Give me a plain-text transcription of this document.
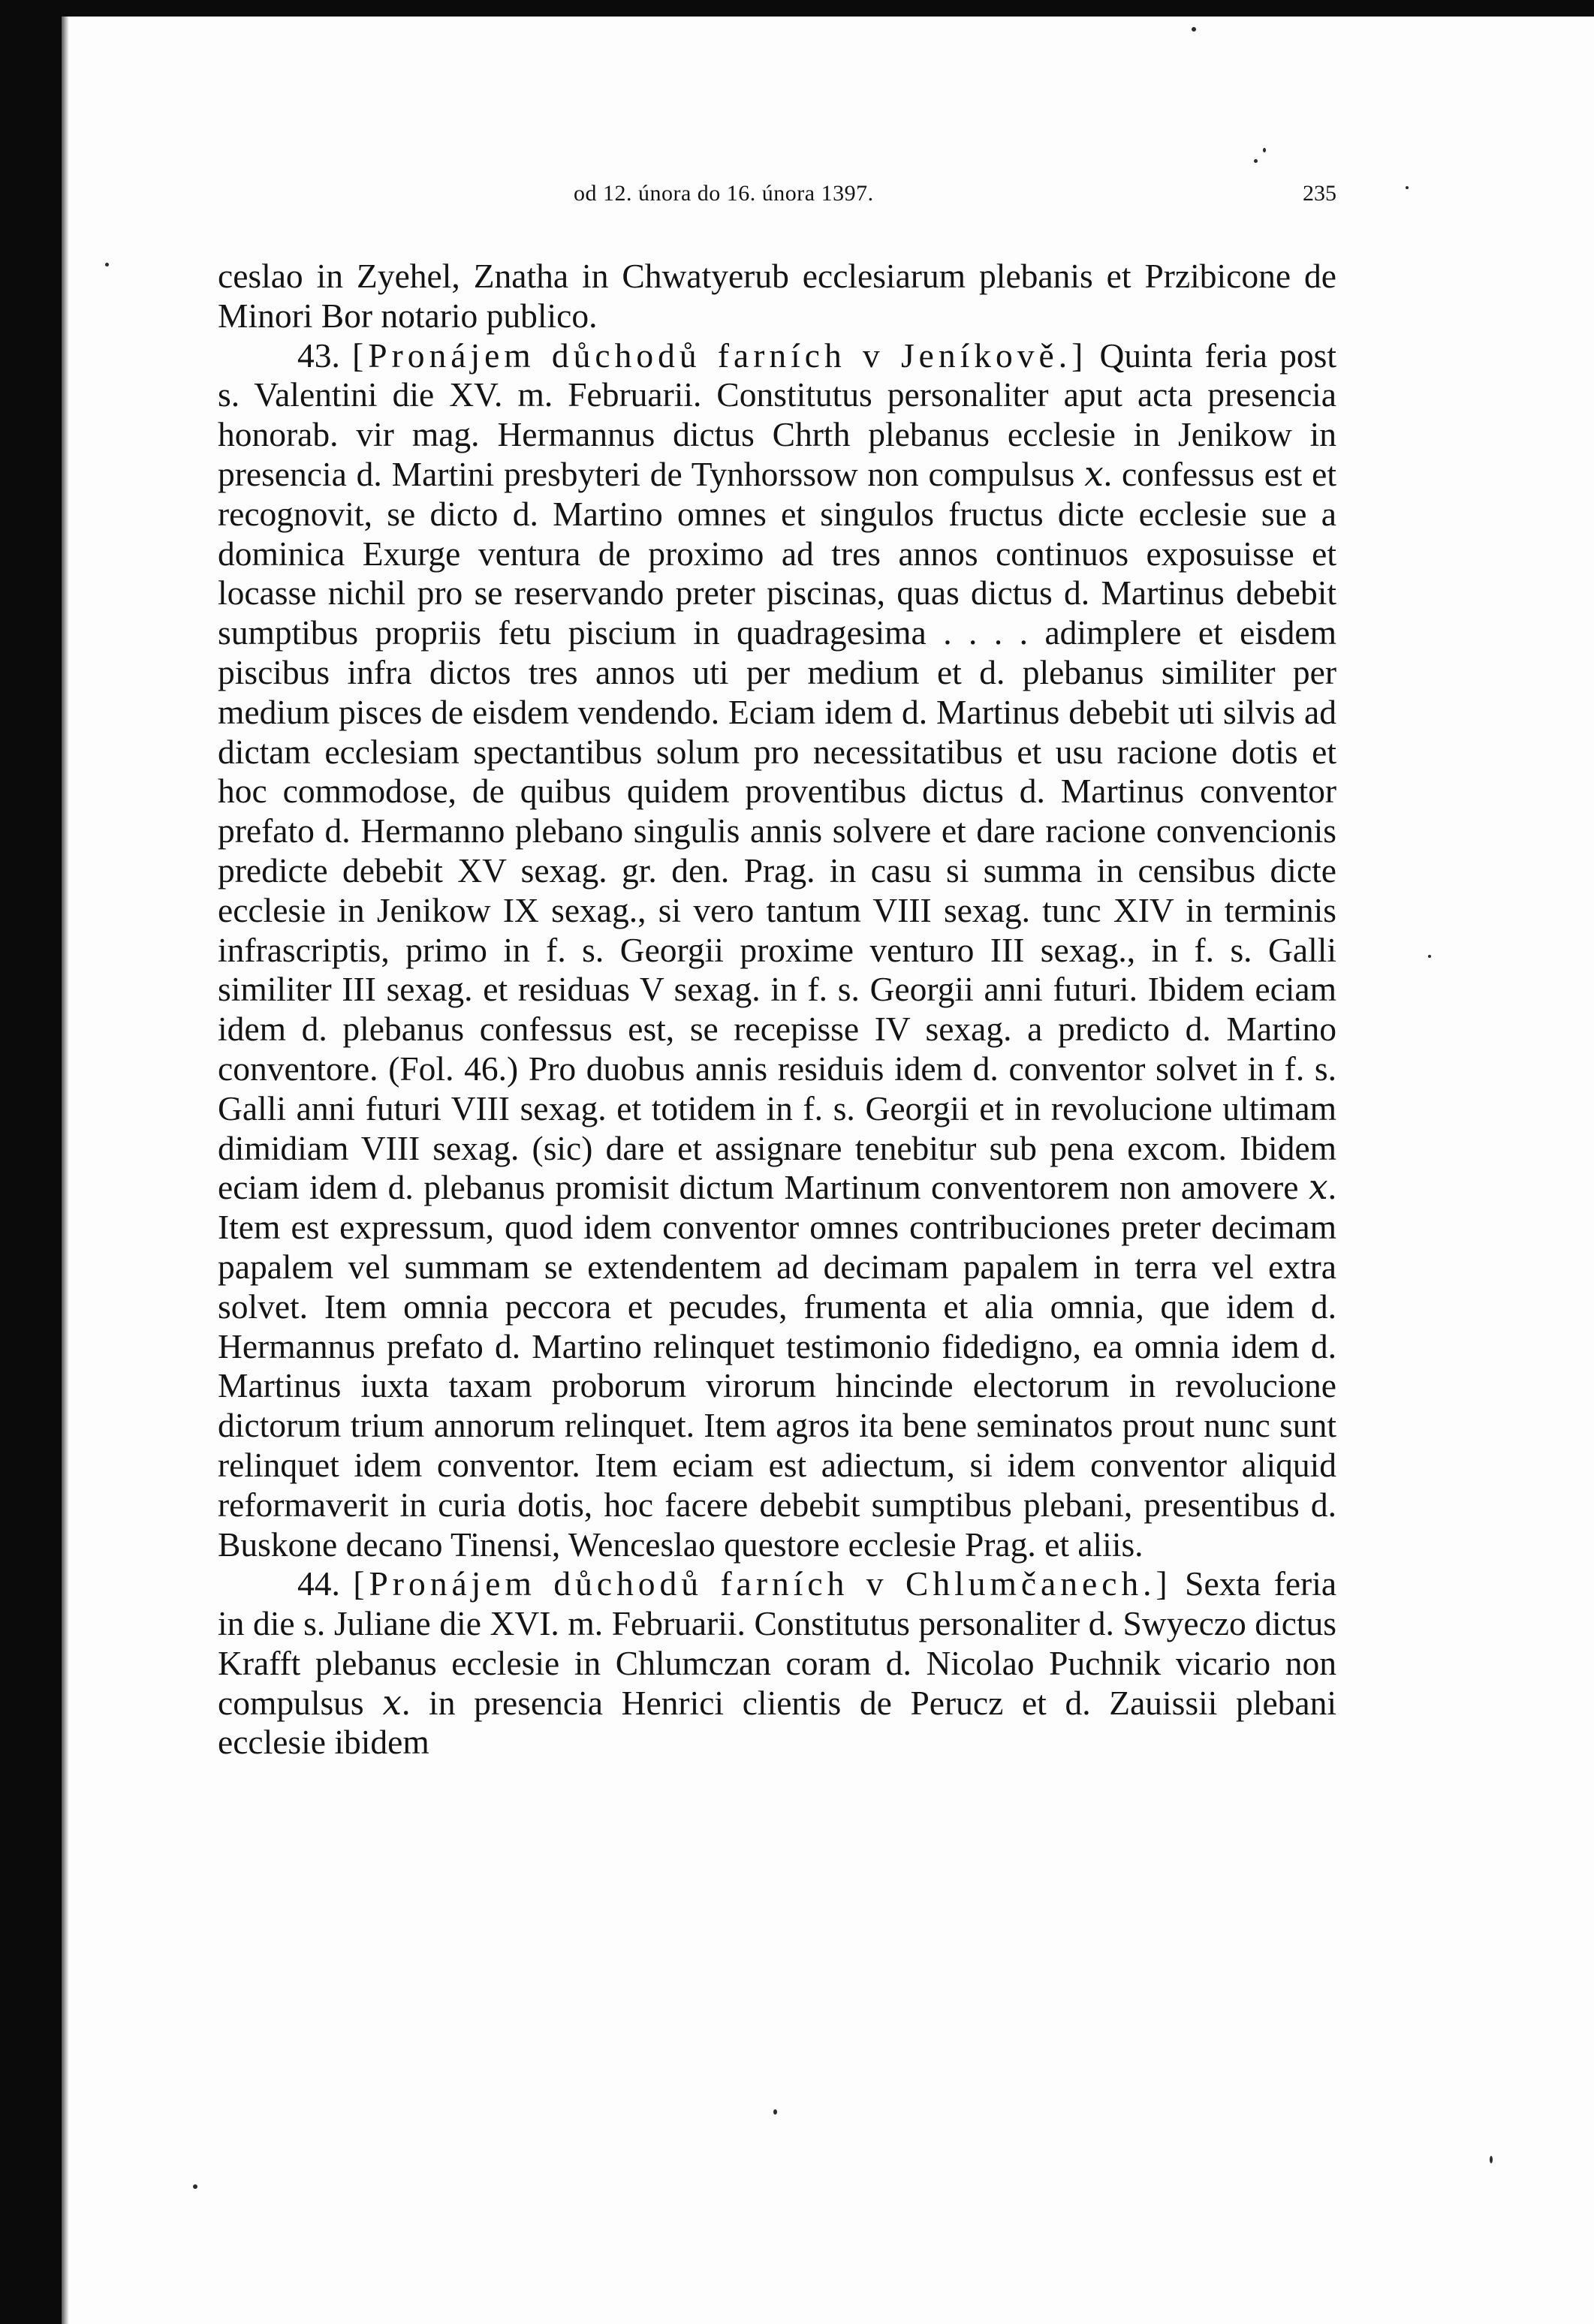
od 12. února do 16. února 1397.	235

ceslao in Zyehel, Znatha in Chwatyerub ecclesiarum plebanis et Przibicone de Minori Bor notario publico.

43. [Pronájem důchodů farních v Jeníkově.] Quinta feria post s. Valentini die XV. m. Februarii. Constitutus personaliter aput acta presencia honorab. vir mag. Hermannus dictus Chrth plebanus ecclesie in Jenikow in presencia d. Martini presbyteri de Tynhorssow non compulsus 𝑥. confessus est et recognovit, se dicto d. Martino omnes et singulos fructus dicte ecclesie sue a dominica Exurge ventura de proximo ad tres annos continuos exposuisse et locasse nichil pro se reservando preter piscinas, quas dictus d. Martinus debebit sumptibus propriis fetu piscium in quadragesima . . . . adimplere et eisdem piscibus infra dictos tres annos uti per medium et d. plebanus similiter per medium pisces de eisdem vendendo. Eciam idem d. Martinus debebit uti silvis ad dictam ecclesiam spectantibus solum pro necessitatibus et usu racione dotis et hoc commodose, de quibus quidem proventibus dictus d. Martinus conventor prefato d. Hermanno plebano singulis annis solvere et dare racione convencionis predicte debebit XV sexag. gr. den. Prag. in casu si summa in censibus dicte ecclesie in Jenikow IX sexag., si vero tantum VIII sexag. tunc XIV in terminis infrascriptis, primo in f. s. Georgii proxime venturo III sexag., in f. s. Galli similiter III sexag. et residuas V sexag. in f. s. Georgii anni futuri. Ibidem eciam idem d. plebanus confessus est, se recepisse IV sexag. a predicto d. Martino conventore. (Fol. 46.) Pro duobus annis residuis idem d. conventor solvet in f. s. Galli anni futuri VIII sexag. et totidem in f. s. Georgii et in revolucione ultimam dimidiam VIII sexag. (sic) dare et assignare tenebitur sub pena excom. Ibidem eciam idem d. plebanus promisit dictum Martinum conventorem non amovere 𝑥. Item est expressum, quod idem conventor omnes contribuciones preter decimam papalem vel summam se extendentem ad decimam papalem in terra vel extra solvet. Item omnia peccora et pecudes, frumenta et alia omnia, que idem d. Hermannus prefato d. Martino relinquet testimonio fidedigno, ea omnia idem d. Martinus iuxta taxam proborum virorum hincinde electorum in revolucione dictorum trium annorum relinquet. Item agros ita bene seminatos prout nunc sunt relinquet idem conventor. Item eciam est adiectum, si idem conventor aliquid reformaverit in curia dotis, hoc facere debebit sumptibus plebani, presentibus d. Buskone decano Tinensi, Wenceslao questore ecclesie Prag. et aliis.

44. [Pronájem důchodů farních v Chlumčanech.] Sexta feria in die s. Juliane die XVI. m. Februarii. Constitutus personaliter d. Swyeczo dictus Krafft plebanus ecclesie in Chlumczan coram d. Nicolao Puchnik vicario non compulsus 𝑥. in presencia Henrici clientis de Perucz et d. Zauissii plebani ecclesie ibidem
